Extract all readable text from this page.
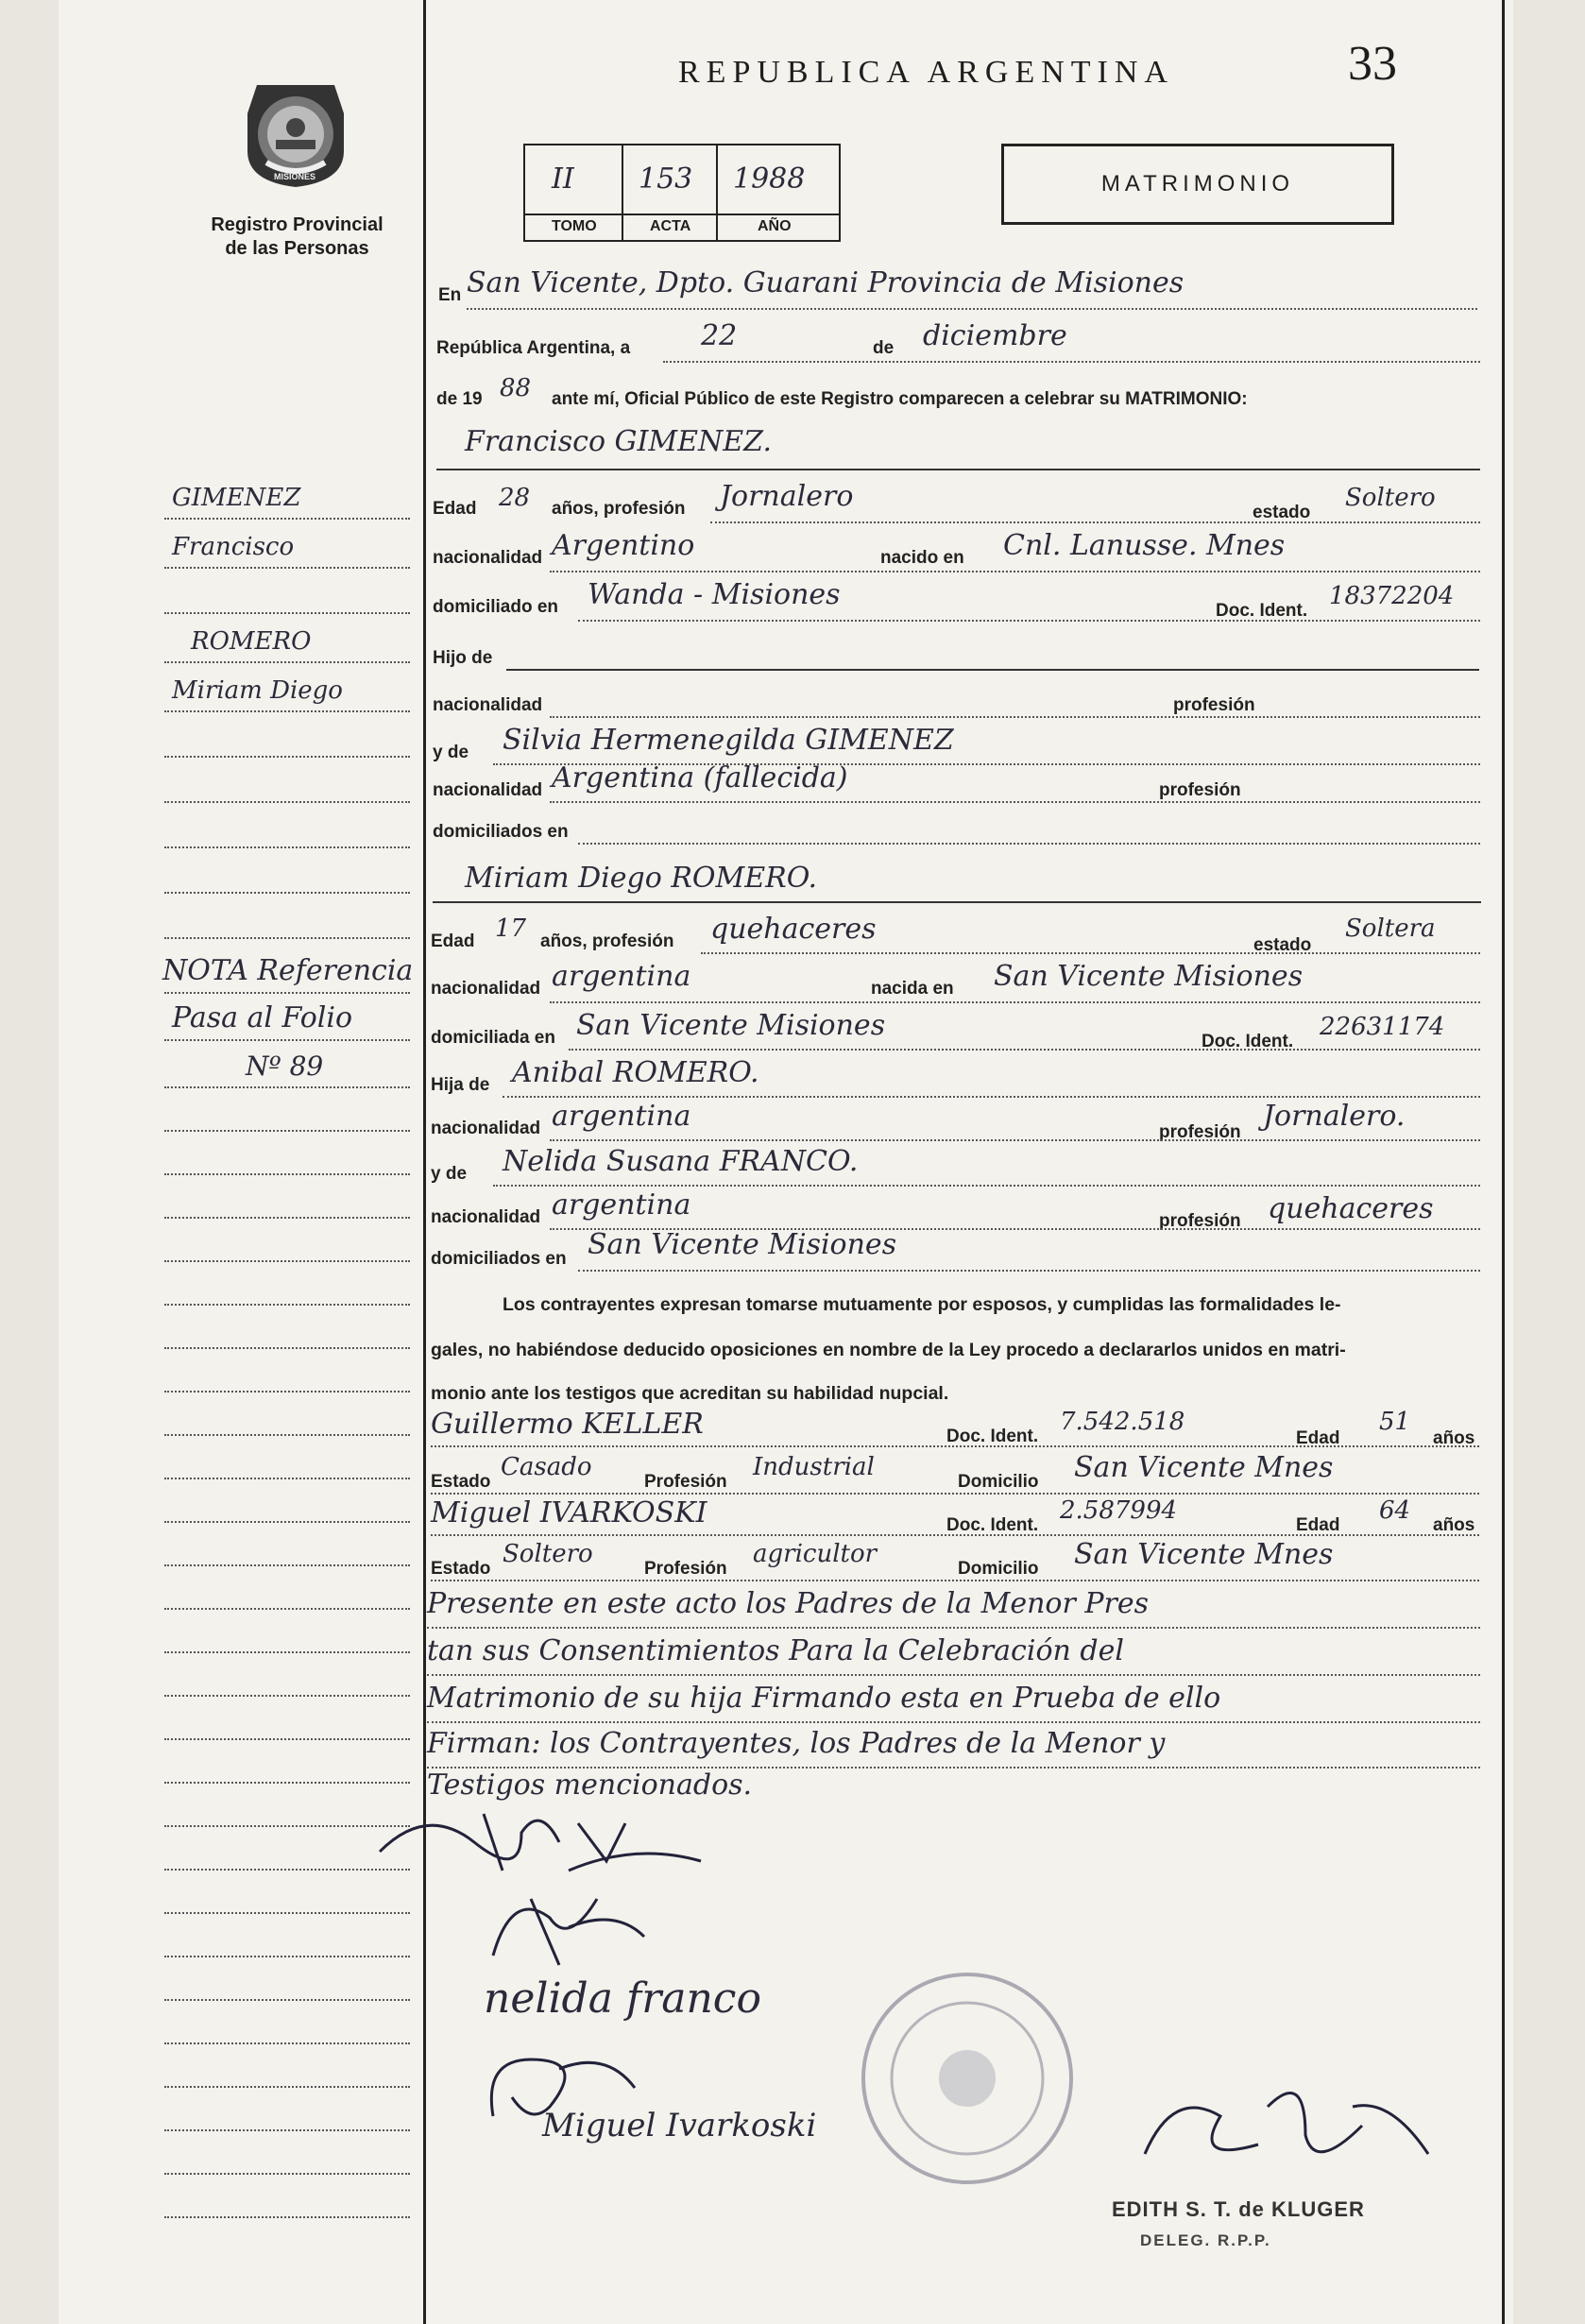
MISIONES
Registro Provincial
de las Personas
REPUBLICA ARGENTINA	33
II 153 1988
TOMO	ACTA	AÑO
MATRIMONIO
En San Vicente, Dpto. Guarani Provincia de Misiones
República Argentina, a 22	de diciembre
de 19 88 ante mí, Oficial Público de este Registro comparecen a celebrar su MATRIMONIO:
Francisco GIMENEZ.
Edad 28 años, profesión Jornalero	estado
Soltero
nacionalidad Argentino	nacido en Cnl. Lanusse. Mnes
domiciliado en Wanda - Misiones	Doc. Ident.
18372204
Hijo de
nacionalidad	profesión
y de Silvia Hermenegilda GIMENEZ
nacionalidad Argentina (fallecida)	profesión
domiciliados en
Miriam Diego ROMERO.
Edad 17 años, profesión quehaceres	estado
Soltera
nacionalidad argentina	nacida en San Vicente Misiones
domiciliada en San Vicente Misiones	Doc. Ident.
22631174
Hija de Anibal ROMERO.
nacionalidad argentina	profesión Jornalero.
y de Nelida Susana FRANCO.
nacionalidad argentina	profesión quehaceres
domiciliados en San Vicente Misiones
Los contrayentes expresan tomarse mutuamente por esposos, y cumplidas las formalidades le-
gales, no habiéndose deducido oposiciones en nombre de la Ley procedo a declararlos unidos en matri-
monio ante los testigos que acreditan su habilidad nupcial.
Guillermo KELLER	Doc. Ident.
7.542.518
Edad
51
años
Estado
Casado
Profesión
Industrial
Domicilio San Vicente Mnes
Miguel IVARKOSKI	Doc. Ident.
2.587994
Edad
64
años
Estado
Soltero
Profesión
agricultor
Domicilio San Vicente Mnes
Presente en este acto los Padres de la Menor Pres
tan sus Consentimientos Para la Celebración del
Matrimonio de su hija Firmando esta en Prueba de ello
Firman: los Contrayentes, los Padres de la Menor y
Testigos mencionados.
nelida franco
Miguel Ivarkoski
EDITH S. T. de KLUGER
DELEG. R.P.P.
GIMENEZ
Francisco
ROMERO
Miriam Diego
NOTA Referencia
Pasa al Folio
Nº 89
